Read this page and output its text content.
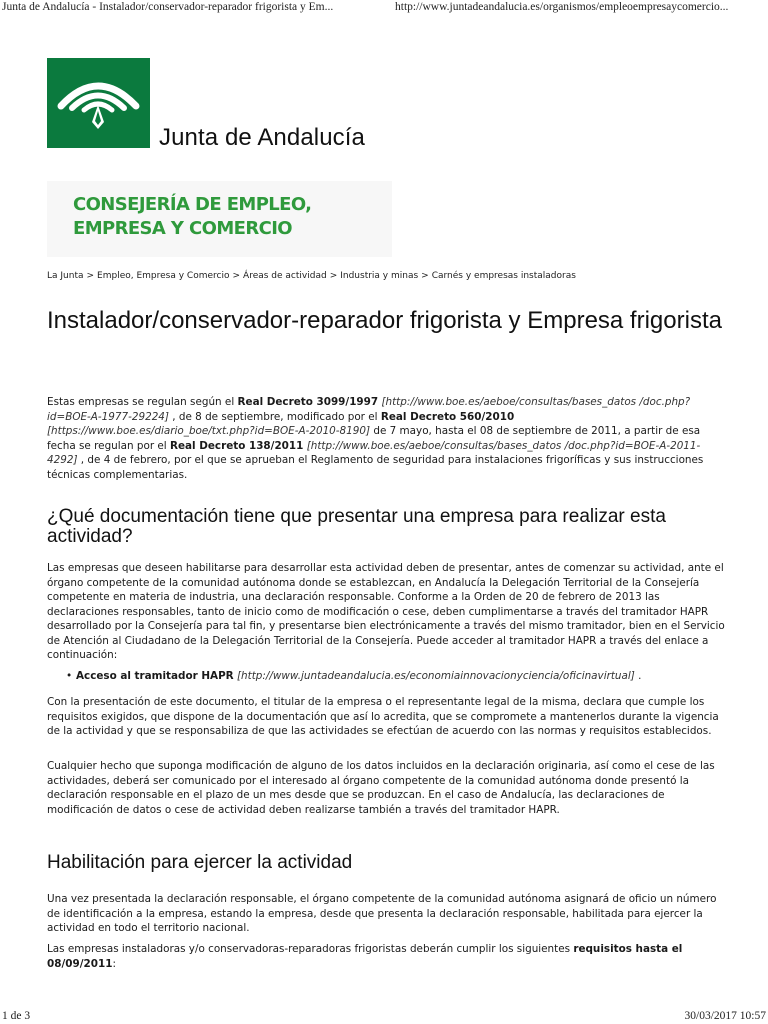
Junta de Andalucía - Instalador/conservador-reparador frigorista y Em...	http://www.juntadeandalucia.es/organismos/empleoempresaycomercio...
Junta de Andalucía
CONSEJERÍA DE EMPLEO,
EMPRESA Y COMERCIO
La Junta > Empleo, Empresa y Comercio > Áreas de actividad > Industria y minas > Carnés y empresas instaladoras
Instalador/conservador-reparador frigorista y Empresa frigorista

Estas empresas se regulan según el Real Decreto 3099/1997 [http://www.boe.es/aeboe/consultas/bases_datos /doc.php?id=BOE-A-1977-29224] , de 8 de septiembre, modificado por el Real Decreto 560/2010 [https://www.boe.es/diario_boe/txt.php?id=BOE-A-2010-8190] de 7 mayo, hasta el 08 de septiembre de 2011, a partir de esa fecha se regulan por el Real Decreto 138/2011 [http://www.boe.es/aeboe/consultas/bases_datos /doc.php?id=BOE-A-2011-4292] , de 4 de febrero, por el que se aprueban el Reglamento de seguridad para instalaciones frigoríficas y sus instrucciones técnicas complementarias.

¿Qué documentación tiene que presentar una empresa para realizar esta actividad?

Las empresas que deseen habilitarse para desarrollar esta actividad deben de presentar, antes de comenzar su actividad, ante el órgano competente de la comunidad autónoma donde se establezcan, en Andalucía la Delegación Territorial de la Consejería competente en materia de industria, una declaración responsable. Conforme a la Orden de 20 de febrero de 2013 las declaraciones responsables, tanto de inicio como de modificación o cese, deben cumplimentarse a través del tramitador HAPR desarrollado por la Consejería para tal fin, y presentarse bien electrónicamente a través del mismo tramitador, bien en el Servicio de Atención al Ciudadano de la Delegación Territorial de la Consejería. Puede acceder al tramitador HAPR a través del enlace a continuación:

• Acceso al tramitador HAPR [http://www.juntadeandalucia.es/economiainnovacionyciencia/oficinavirtual] .

Con la presentación de este documento, el titular de la empresa o el representante legal de la misma, declara que cumple los requisitos exigidos, que dispone de la documentación que así lo acredita, que se compromete a mantenerlos durante la vigencia de la actividad y que se responsabiliza de que las actividades se efectúan de acuerdo con las normas y requisitos establecidos.

Cualquier hecho que suponga modificación de alguno de los datos incluidos en la declaración originaria, así como el cese de las actividades, deberá ser comunicado por el interesado al órgano competente de la comunidad autónoma donde presentó la declaración responsable en el plazo de un mes desde que se produzcan. En el caso de Andalucía, las declaraciones de modificación de datos o cese de actividad deben realizarse también a través del tramitador HAPR.

Habilitación para ejercer la actividad

Una vez presentada la declaración responsable, el órgano competente de la comunidad autónoma asignará de oficio un número de identificación a la empresa, estando la empresa, desde que presenta la declaración responsable, habilitada para ejercer la actividad en todo el territorio nacional.

Las empresas instaladoras y/o conservadoras-reparadoras frigoristas deberán cumplir los siguientes requisitos hasta el 08/09/2011:

1 de 3	30/03/2017 10:57
